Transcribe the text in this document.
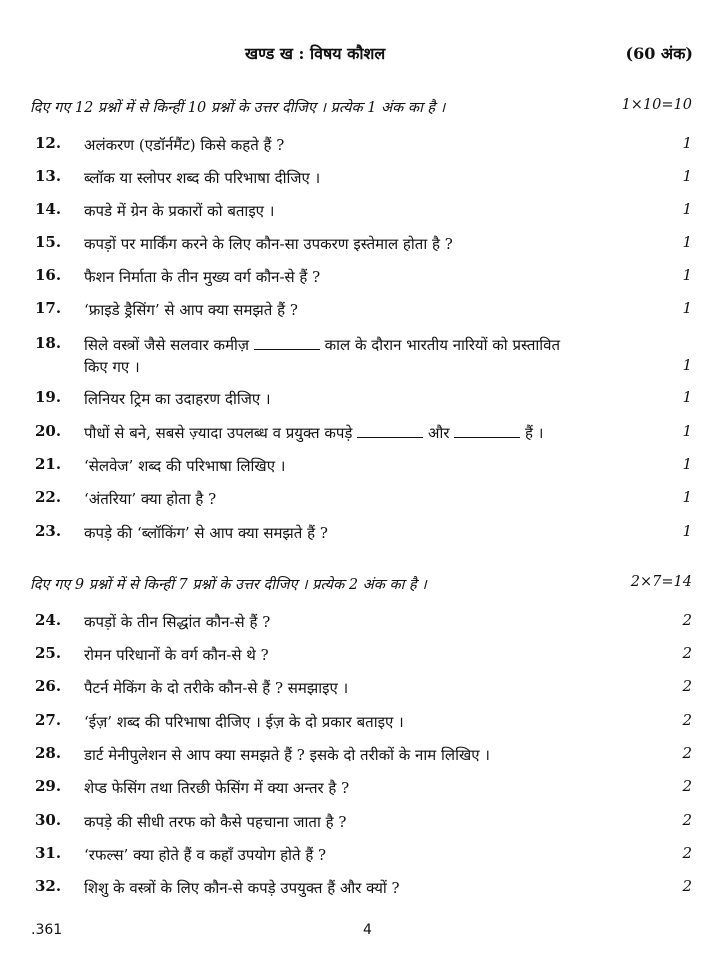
खण्ड ख : विषय कौशल	(60 अंक)
दिए गए 12 प्रश्नों में से किन्हीं 10 प्रश्नों के उत्तर दीजिए । प्रत्येक 1 अंक का है ।	1×10=10
12. अलंकरण (एडॉर्नमैंट) किसे कहते हैं ?	1
13. ब्लॉक या स्लोपर शब्द की परिभाषा दीजिए ।	1
14. कपडे में ग्रेन के प्रकारों को बताइए ।	1
15. कपड़ों पर मार्किंग करने के लिए कौन-सा उपकरण इस्तेमाल होता है ?	1
16. फैशन निर्माता के तीन मुख्य वर्ग कौन-से हैं ?	1
17. ‘फ्राइडे ड्रैसिंग’ से आप क्या समझते हैं ?	1
18. सिले वस्त्रों जैसे सलवार कमीज़	काल के दौरान भारतीय नारियों को प्रस्तावित
किए गए ।	1
19. लिनियर ट्रिम का उदाहरण दीजिए ।	1
20. पौधों से बने, सबसे ज़्यादा उपलब्ध व प्रयुक्त कपड़े	और	हैं ।	1
21. ‘सेलवेज’ शब्द की परिभाषा लिखिए ।	1
22. ‘अंतरिया’ क्या होता है ?	1
23. कपड़े की ‘ब्लॉकिंग’ से आप क्या समझते हैं ?	1
दिए गए 9 प्रश्नों में से किन्हीं 7 प्रश्नों के उत्तर दीजिए । प्रत्येक 2 अंक का है ।	2×7=14
24. कपड़ों के तीन सिद्धांत कौन-से हैं ?	2
25. रोमन परिधानों के वर्ग कौन-से थे ?	2
26. पैटर्न मेकिंग के दो तरीके कौन-से हैं ? समझाइए ।	2
27. ‘ईज़’ शब्द की परिभाषा दीजिए । ईज़ के दो प्रकार बताइए ।	2
28. डार्ट मेनीपुलेशन से आप क्या समझते हैं ? इसके दो तरीकों के नाम लिखिए ।	2
29. शेप्ड फेसिंग तथा तिरछी फेसिंग में क्या अन्तर है ?	2
30. कपड़े की सीधी तरफ को कैसे पहचाना जाता है ?	2
31. ‘रफल्स’ क्या होते हैं व कहाँ उपयोग होते हैं ?	2
32. शिशु के वस्त्रों के लिए कौन-से कपड़े उपयुक्त हैं और क्यों ?	2
.361	4
